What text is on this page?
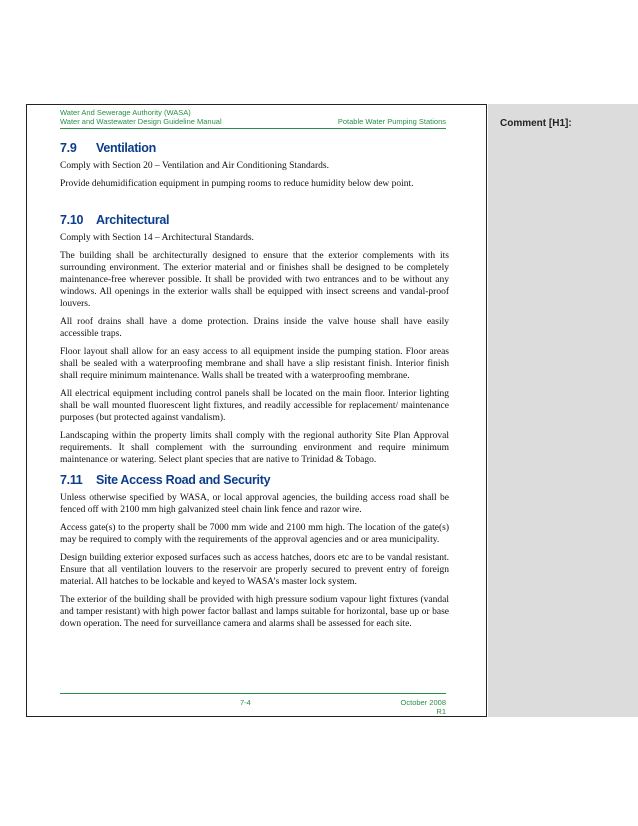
Comment [H1]:
Water And Sewerage Authority (WASA)
Water and Wastewater Design Guideline Manual	Potable Water Pumping Stations
7.9	Ventilation

Comply with Section 20 – Ventilation and Air Conditioning Standards.

Provide dehumidification equipment in pumping rooms to reduce humidity below dew point.

7.10	Architectural

Comply with Section 14 – Architectural Standards.

The building shall be architecturally designed to ensure that the exterior complements with its surrounding environment. The exterior material and or finishes shall be designed to be completely maintenance-free wherever possible. It shall be provided with two entrances and to be without any windows. All openings in the exterior walls shall be equipped with insect screens and vandal-proof louvers.

All roof drains shall have a dome protection. Drains inside the valve house shall have easily accessible traps.

Floor layout shall allow for an easy access to all equipment inside the pumping station. Floor areas shall be sealed with a waterproofing membrane and shall have a slip resistant finish. Interior finish shall require minimum maintenance. Walls shall be treated with a waterproofing membrane.

All electrical equipment including control panels shall be located on the main floor. Interior lighting shall be wall mounted fluorescent light fixtures, and readily accessible for replacement/ maintenance purposes (but protected against vandalism).

Landscaping within the property limits shall comply with the regional authority Site Plan Approval requirements. It shall complement with the surrounding environment and require minimum maintenance or watering. Select plant species that are native to Trinidad & Tobago.

7.11	Site Access Road and Security

Unless otherwise specified by WASA, or local approval agencies, the building access road shall be fenced off with 2100 mm high galvanized steel chain link fence and razor wire.

Access gate(s) to the property shall be 7000 mm wide and 2100 mm high. The location of the gate(s) may be required to comply with the requirements of the approval agencies and or area municipality.

Design building exterior exposed surfaces such as access hatches, doors etc are to be vandal resistant. Ensure that all ventilation louvers to the reservoir are properly secured to prevent entry of foreign material. All hatches to be lockable and keyed to WASA’s master lock system.

The exterior of the building shall be provided with high pressure sodium vapour light fixtures (vandal and tamper resistant) with high power factor ballast and lamps suitable for horizontal, base up or base down operation. The need for surveillance camera and alarms shall be assessed for each site.

7-4	October 2008
R1
